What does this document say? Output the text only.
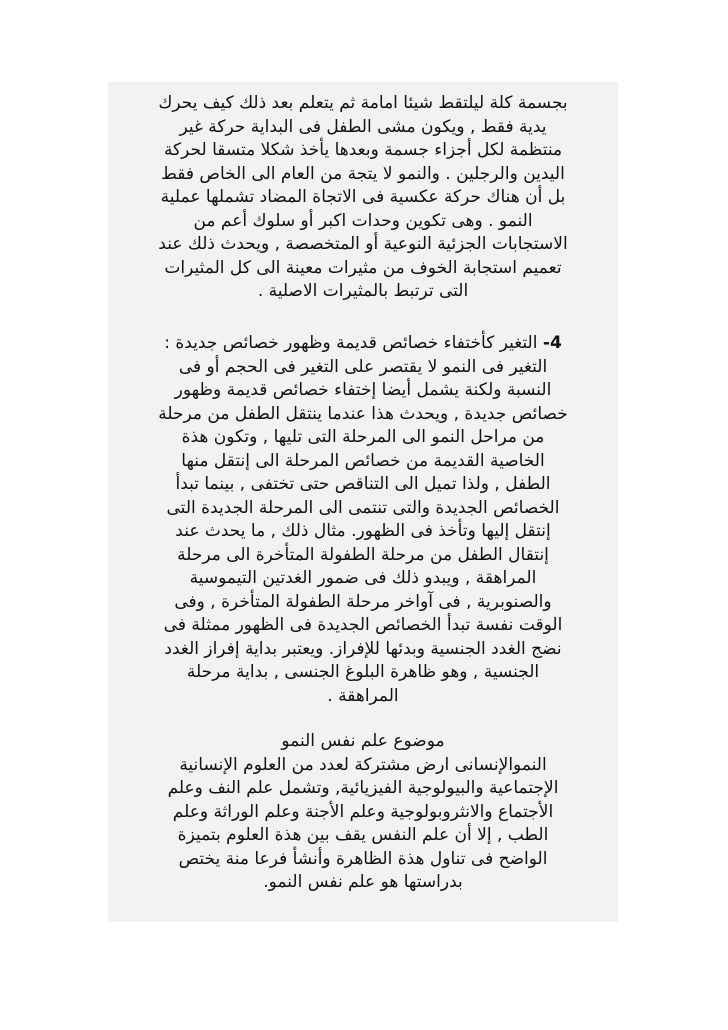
بجسمة كلة ليلتقط شيئا امامة ثم يتعلم بعد ذلك كيف يحرك
يدية فقط , ويكون مشى الطفل فى البداية حركة غير
منتظمة لكل أجزاء جسمة وبعدها يأخذ شكلا متسقا لحركة
اليدين والرجلين . والنمو لا يتجة من العام الى الخاص فقط
بل أن هناك حركة عكسية فى الاتجاة المضاد تشملها عملية
النمو . وهى تكوين وحدات اكبر أو سلوك أعم من
الاستجابات الجزئية النوعية أو المتخصصة , ويحدث ذلك عند
تعميم استجابة الخوف من مثيرات معينة الى كل المثيرات
التى ترتبط بالمثيرات الاصلية .
4- التغير كأختفاء خصائص قديمة وظهور خصائص جديدة :
التغير فى النمو لا يقتصر على التغير فى الحجم أو فى
النسبة ولكنة يشمل أيضا إختفاء خصائص قديمة وظهور
خصائص جديدة , ويحدث هذا عندما ينتقل الطفل من مرحلة
من مراحل النمو الى المرحلة التى تليها , وتكون هذة
الخاصية القديمة من خصائص المرحلة الى إنتقل منها
الطفل , ولذا تميل الى التناقص حتى تختفى , بينما تبدأ
الخصائص الجديدة والتى تنتمى الى المرحلة الجديدة التى
إنتقل إليها وتأخذ فى الظهور. مثال ذلك , ما يحدث عند
إنتقال الطفل من مرحلة الطفولة المتأخرة الى مرحلة
المراهقة , ويبدو ذلك فى ضمور الغدتين التيموسية
والصنوبرية , فى آواخر مرحلة الطفولة المتأخرة , وفى
الوقت نفسة تبدأ الخصائص الجديدة فى الظهور ممثلة فى
نضج الغدد الجنسية وبدئها للإفراز. ويعتبر بداية إفراز الغدد
الجنسية , وهو ظاهرة البلوغ الجنسى , بداية مرحلة
المراهقة .
موضوع علم نفس النمو
النموالإنسانى ارض مشتركة لعدد من العلوم الإنسانية
الإجتماعية والبيولوجية الفيزيائية, وتشمل علم النف وعلم
الأجتماع والانثروبولوجية وعلم الأجنة وعلم الوراثة وعلم
الطب , إلا أن علم النفس يقف بين هذة العلوم بتميزة
الواضح فى تناول هذة الظاهرة وأنشأ فرعا منة يختص
بدراستها هو علم نفس النمو.
